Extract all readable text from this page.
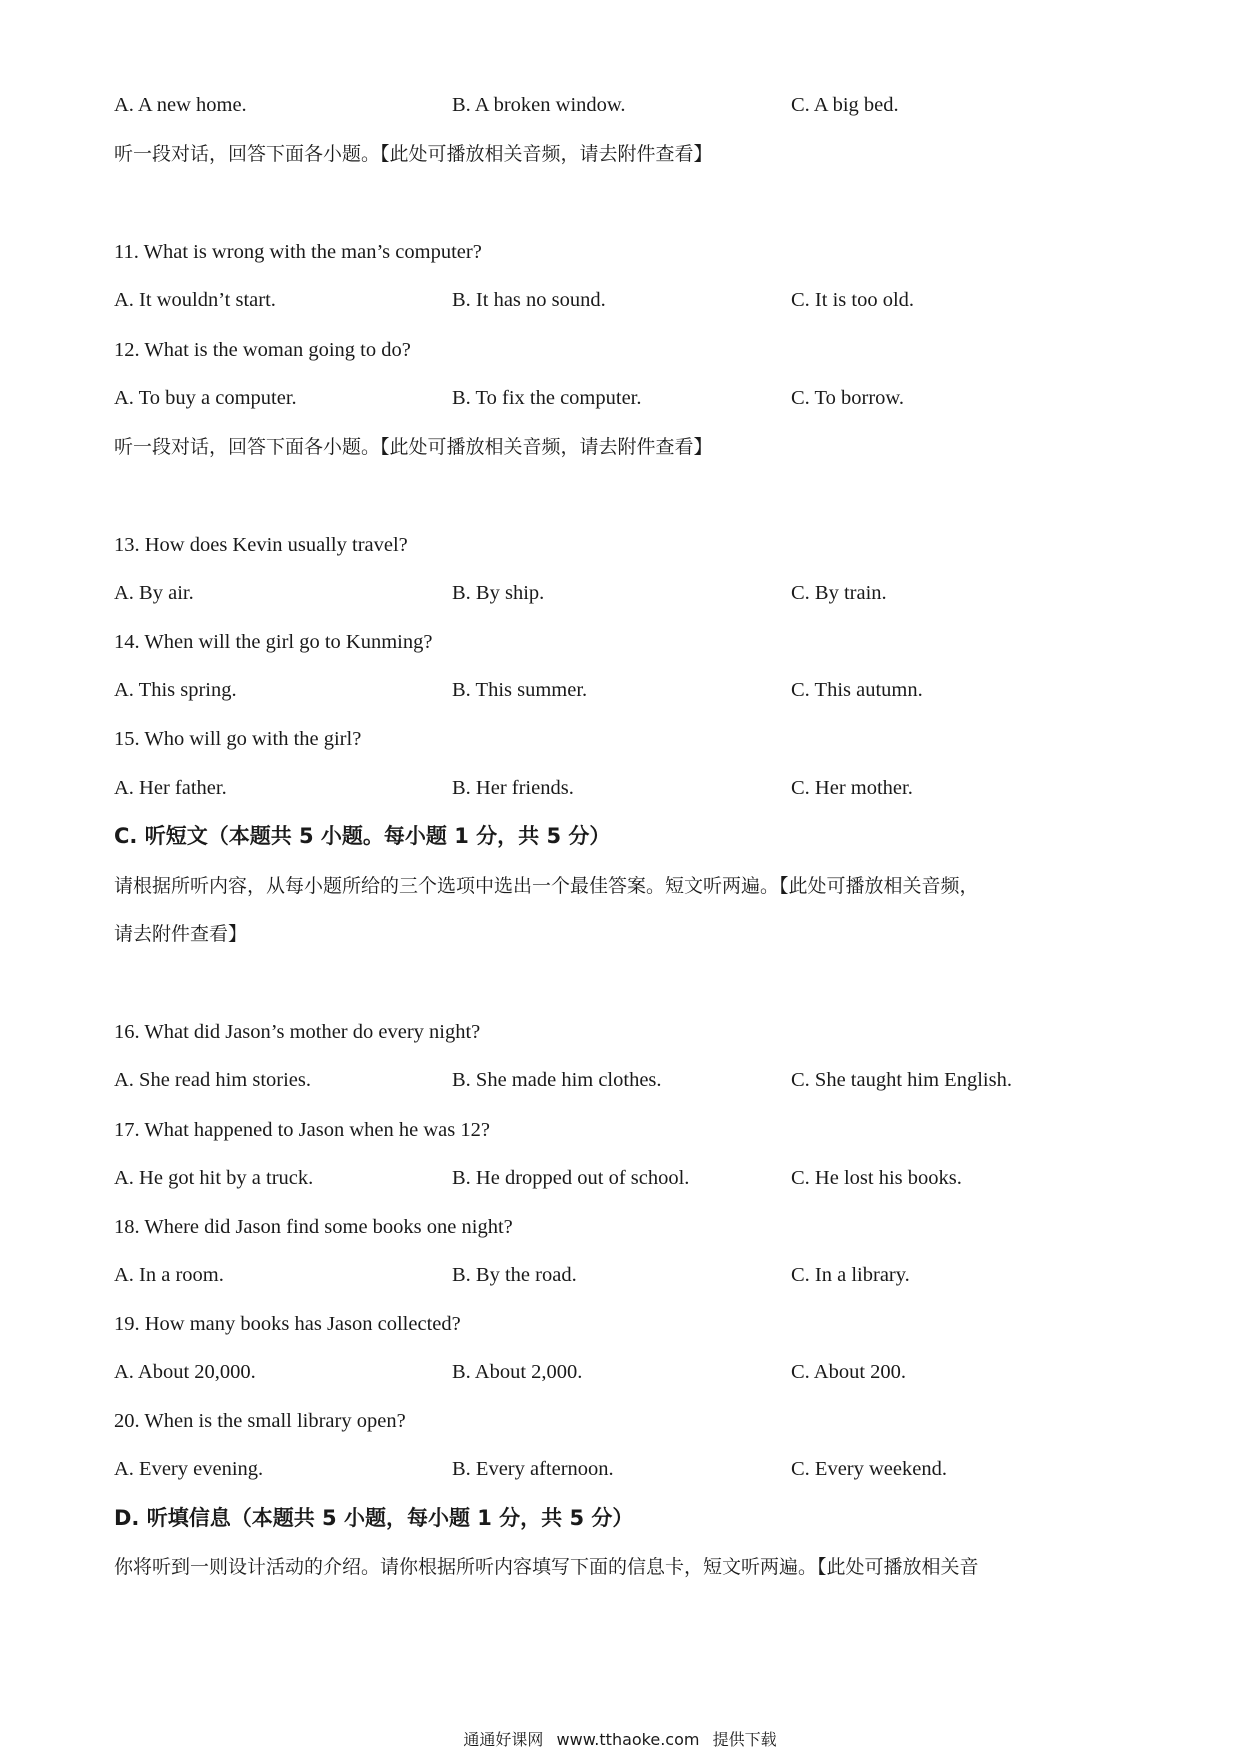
A. A new home.	B. A broken window.	C. A big bed.
听一段对话，回答下面各小题。【此处可播放相关音频，请去附件查看】
11. What is wrong with the man’s computer?
A. It wouldn’t start.	B. It has no sound.	C. It is too old.
12. What is the woman going to do?
A. To buy a computer.	B. To fix the computer.	C. To borrow.
听一段对话，回答下面各小题。【此处可播放相关音频，请去附件查看】
13. How does Kevin usually travel?
A. By air.	B. By ship.	C. By train.
14. When will the girl go to Kunming?
A. This spring.	B. This summer.	C. This autumn.
15. Who will go with the girl?
A. Her father.	B. Her friends.	C. Her mother.
C. 听短文（本题共 5 小题。每小题 1 分，共 5 分）
请根据所听内容，从每小题所给的三个选项中选出一个最佳答案。短文听两遍。【此处可播放相关音频，
请去附件查看】
16. What did Jason’s mother do every night?
A. She read him stories.	B. She made him clothes.	C. She taught him English.
17. What happened to Jason when he was 12?
A. He got hit by a truck.	B. He dropped out of school.	C. He lost his books.
18. Where did Jason find some books one night?
A. In a room.	B. By the road.	C. In a library.
19. How many books has Jason collected?
A. About 20,000.	B. About 2,000.	C. About 200.
20. When is the small library open?
A. Every evening.	B. Every afternoon.	C. Every weekend.
D. 听填信息（本题共 5 小题，每小题 1 分，共 5 分）
你将听到一则设计活动的介绍。请你根据所听内容填写下面的信息卡，短文听两遍。【此处可播放相关音
通通好课网 www.tthaoke.com 提供下载
